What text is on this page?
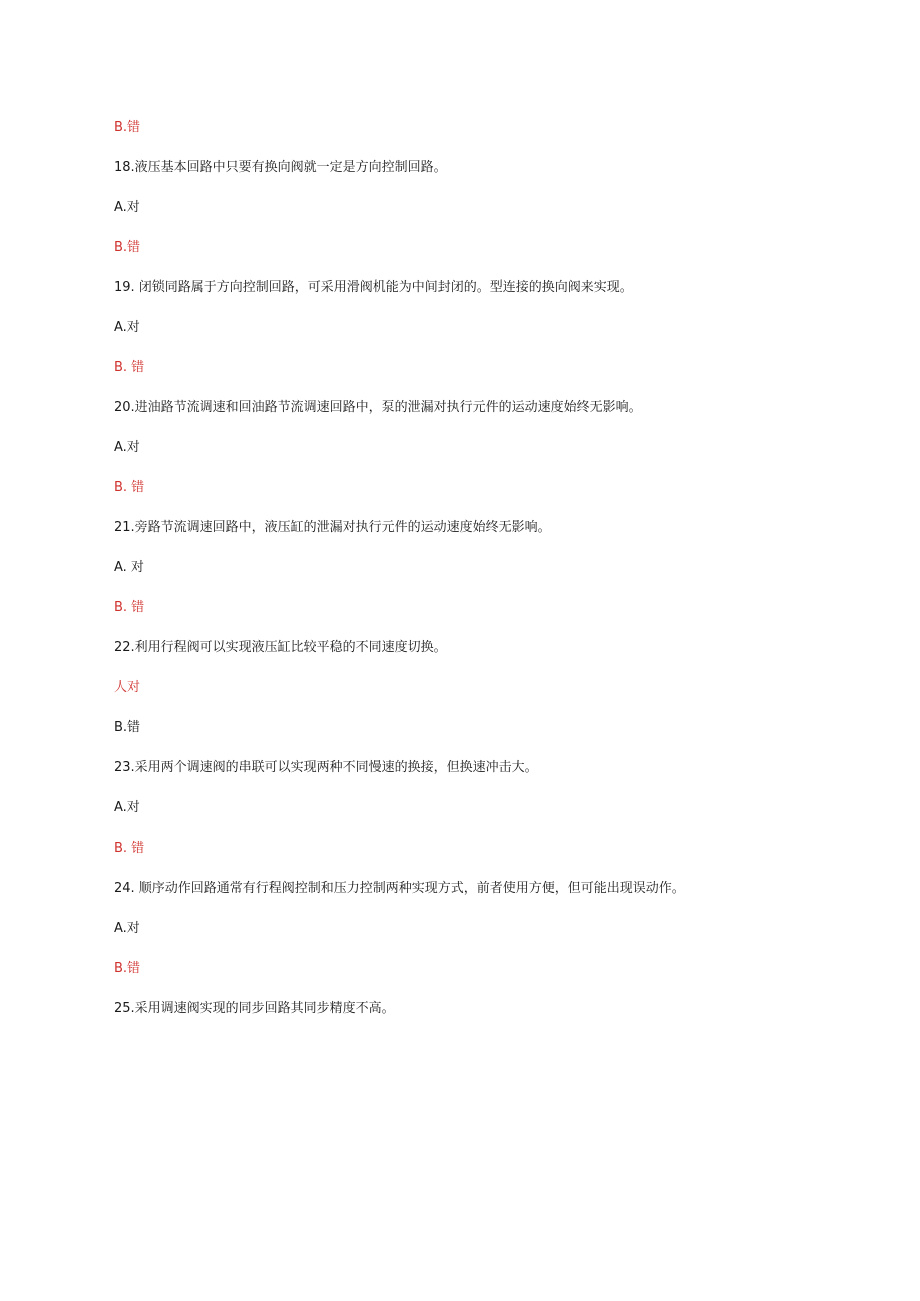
B.错
18.液压基本回路中只要有换向阀就一定是方向控制回路。
A.对
B.错
19. 闭锁同路属于方向控制回路，可采用滑阀机能为中间封闭的。型连接的换向阀来实现。
A.对
B. 错
20.进油路节流调速和回油路节流调速回路中，泵的泄漏对执行元件的运动速度始终无影响。
A.对
B. 错
21.旁路节流调速回路中，液压缸的泄漏对执行元件的运动速度始终无影响。
A. 对
B. 错
22.利用行程阀可以实现液压缸比较平稳的不同速度切换。
人对
B.错
23.采用两个调速阀的串联可以实现两种不同慢速的换接，但换速冲击大。
A.对
B. 错
24. 顺序动作回路通常有行程阀控制和压力控制两种实现方式，前者使用方便，但可能出现误动作。
A.对
B.错
25.采用调速阀实现的同步回路其同步精度不高。
